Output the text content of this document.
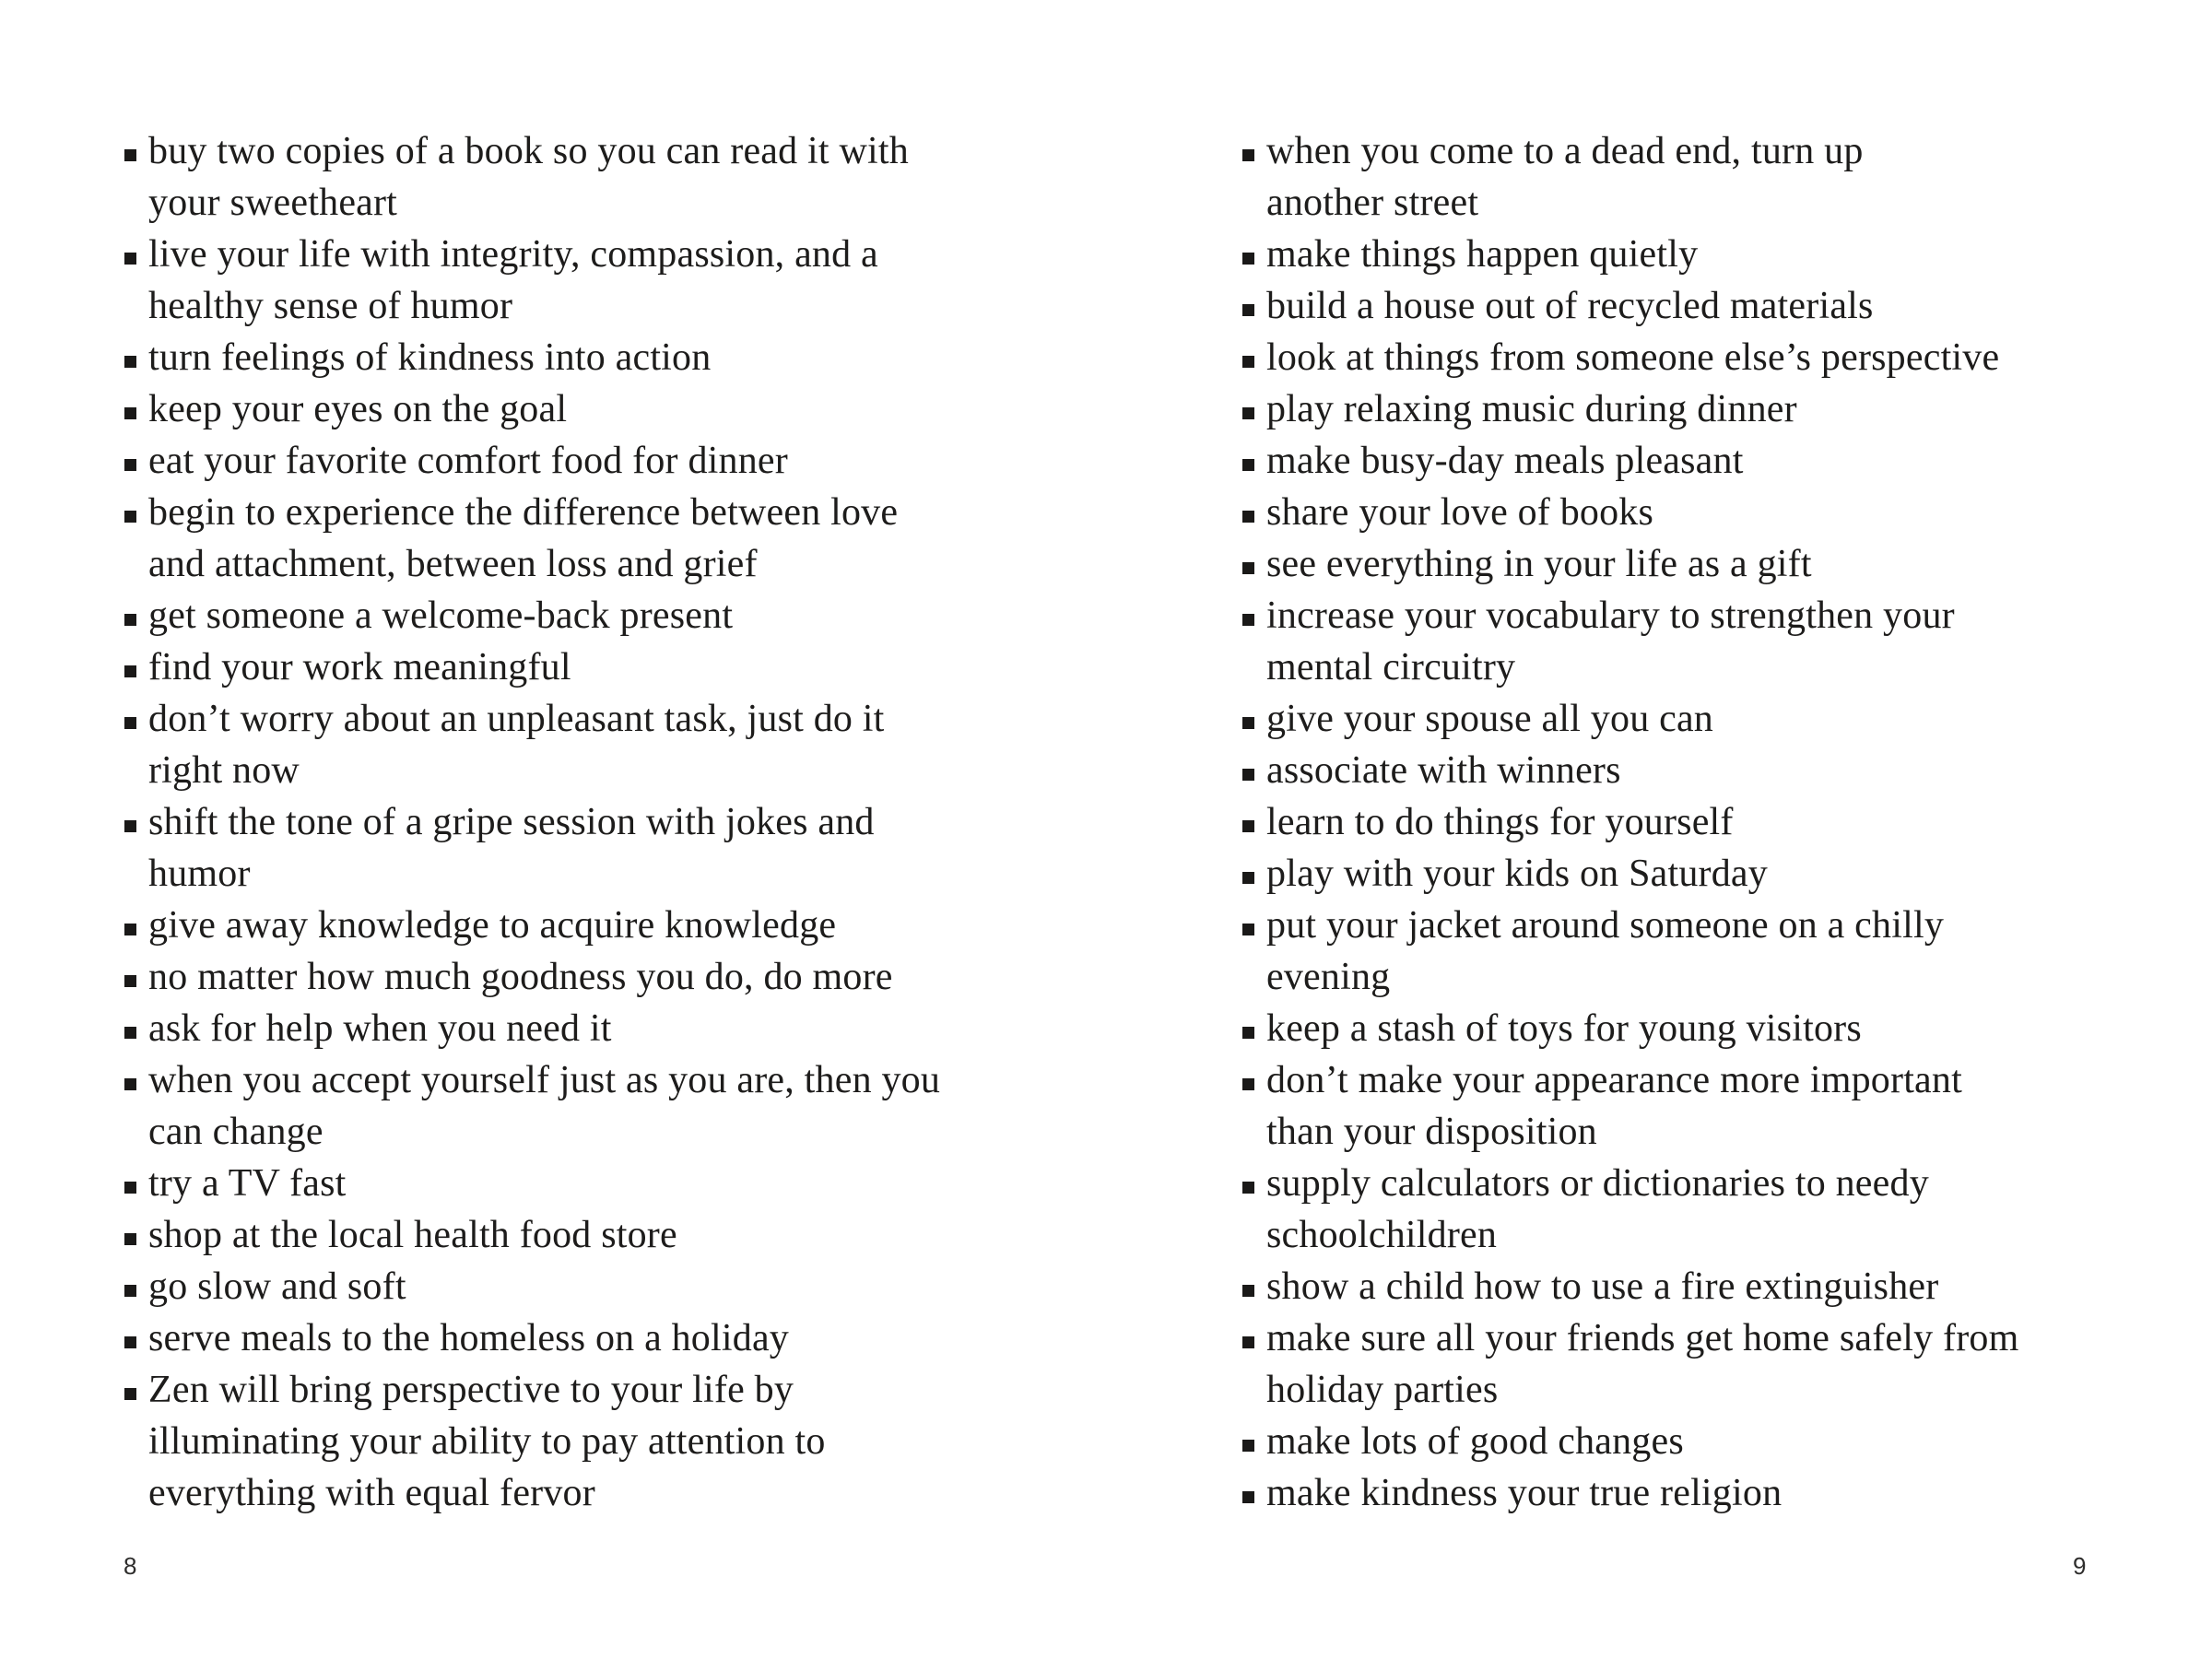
buy two copies of a book so you can read it with
your sweetheart
live your life with integrity, compassion, and a
healthy sense of humor
turn feelings of kindness into action
keep your eyes on the goal
eat your favorite comfort food for dinner
begin to experience the difference between love
and attachment, between loss and grief
get someone a welcome-back present
find your work meaningful
don’t worry about an unpleasant task, just do it
right now
shift the tone of a gripe session with jokes and
humor
give away knowledge to acquire knowledge
no matter how much goodness you do, do more
ask for help when you need it
when you accept yourself just as you are, then you
can change
try a TV fast
shop at the local health food store
go slow and soft
serve meals to the homeless on a holiday
Zen will bring perspective to your life by
illuminating your ability to pay attention to
everything with equal fervor
when you come to a dead end, turn up
another street
make things happen quietly
build a house out of recycled materials
look at things from someone else’s perspective
play relaxing music during dinner
make busy-day meals pleasant
share your love of books
see everything in your life as a gift
increase your vocabulary to strengthen your
mental circuitry
give your spouse all you can
associate with winners
learn to do things for yourself
play with your kids on Saturday
put your jacket around someone on a chilly
evening
keep a stash of toys for young visitors
don’t make your appearance more important
than your disposition
supply calculators or dictionaries to needy
schoolchildren
show a child how to use a fire extinguisher
make sure all your friends get home safely from
holiday parties
make lots of good changes
make kindness your true religion
8	9
